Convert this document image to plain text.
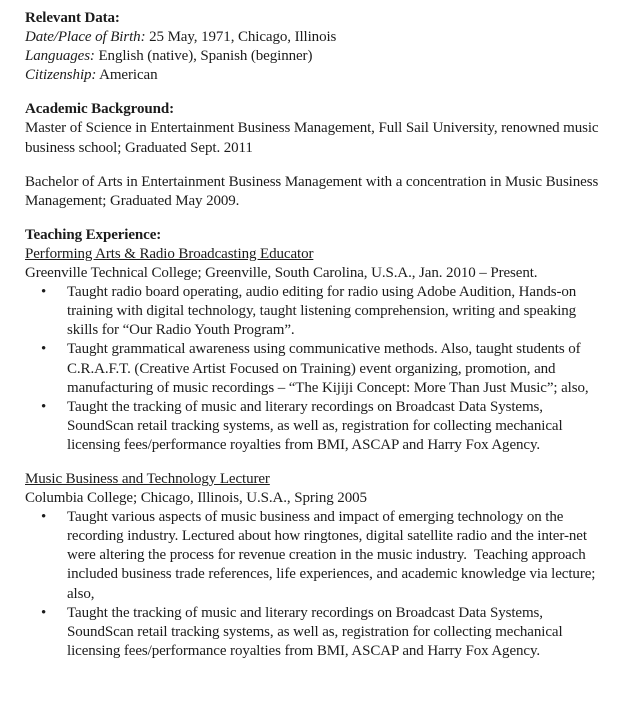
Relevant Data:
Date/Place of Birth: 25 May, 1971, Chicago, Illinois
Languages: English (native), Spanish (beginner)
Citizenship: American
Academic Background:
Master of Science in Entertainment Business Management, Full Sail University, renowned music business school; Graduated Sept. 2011
Bachelor of Arts in Entertainment Business Management with a concentration in Music Business Management; Graduated May 2009.
Teaching Experience:
Performing Arts & Radio Broadcasting Educator
Greenville Technical College; Greenville, South Carolina, U.S.A., Jan. 2010 – Present.
•	Taught radio board operating, audio editing for radio using Adobe Audition, Hands-on training with digital technology, taught listening comprehension, writing and speaking skills for “Our Radio Youth Program”.
•	Taught grammatical awareness using communicative methods. Also, taught students of C.R.A.F.T. (Creative Artist Focused on Training) event organizing, promotion, and manufacturing of music recordings – “The Kijiji Concept: More Than Just Music”; also,
•	Taught the tracking of music and literary recordings on Broadcast Data Systems, SoundScan retail tracking systems, as well as, registration for collecting mechanical licensing fees/performance royalties from BMI, ASCAP and Harry Fox Agency.
Music Business and Technology Lecturer
Columbia College; Chicago, Illinois, U.S.A., Spring 2005
•	Taught various aspects of music business and impact of emerging technology on the recording industry. Lectured about how ringtones, digital satellite radio and the inter-net were altering the process for revenue creation in the music industry.  Teaching approach included business trade references, life experiences, and academic knowledge via lecture; also,
•	Taught the tracking of music and literary recordings on Broadcast Data Systems, SoundScan retail tracking systems, as well as, registration for collecting mechanical licensing fees/performance royalties from BMI, ASCAP and Harry Fox Agency.
